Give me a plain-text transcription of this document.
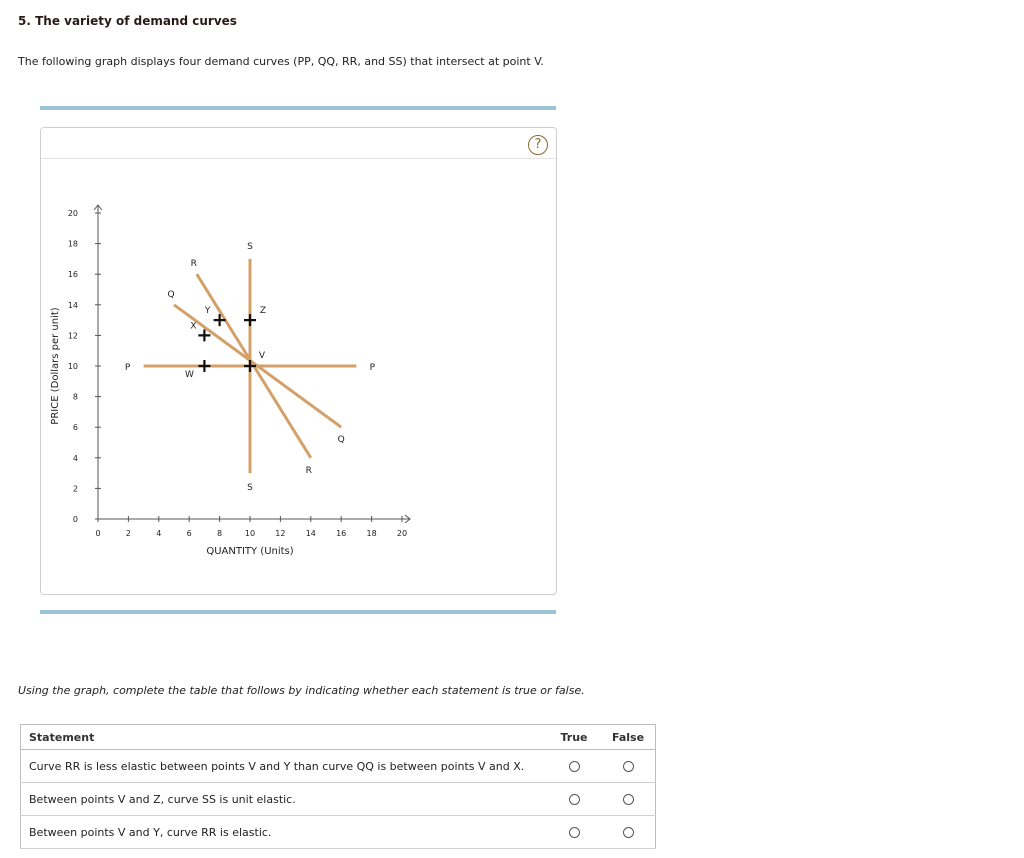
5. The variety of demand curves
The following graph displays four demand curves (PP, QQ, RR, and SS) that intersect at point V.
?
0
2
4
6
8
10
12
14
16
18
20
0	2	4	6	8	10	12	14	16	18	20
QUANTITY (Units)
PRICE (Dollars per unit)	P	P
Q
Q
R
R
S
S
V
W
X
Y	Z
Using the graph, complete the table that follows by indicating whether each statement is true or false.
Statement	True	False
Curve RR is less elastic between points V and Y than curve QQ is between points V and X.		
Between points V and Z, curve SS is unit elastic.		
Between points V and Y, curve RR is elastic.		
